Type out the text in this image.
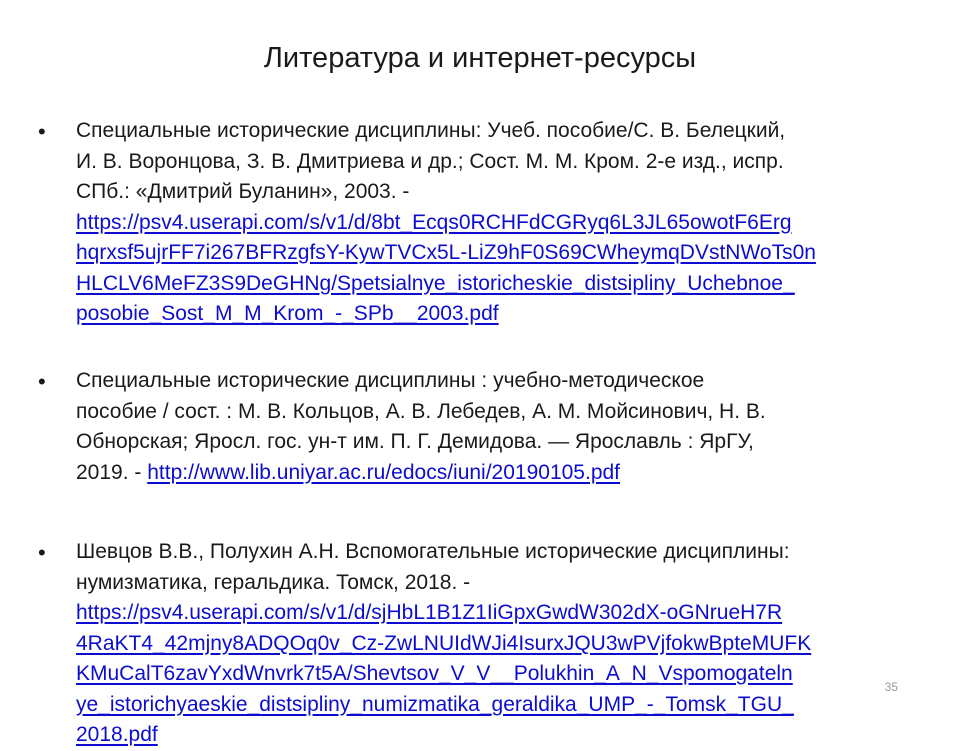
Литература и интернет-ресурсы
• Специальные исторические дисциплины: Учеб. пособие/С. В. Белецкий,
И. В. Воронцова, З. В. Дмитриева и др.; Сост. М. М. Кром. 2-е изд., испр.
СПб.: «Дмитрий Буланин», 2003. -
https://psv4.userapi.com/s/v1/d/8bt_Ecqs0RCHFdCGRyq6L3JL65owotF6Erg
hqrxsf5ujrFF7i267BFRzgfsY-KywTVCx5L-LiZ9hF0S69CWheymqDVstNWoTs0n
HLCLV6MeFZ3S9DeGHNg/Spetsialnye_istoricheskie_distsipliny_Uchebnoe_
posobie_Sost_M_M_Krom_-_SPb__2003.pdf
• Специальные исторические дисциплины : учебно-методическое
пособие / сост. : М. В. Кольцов, А. В. Лебедев, А. М. Мойсинович, Н. В.
Обнорская; Яросл. гос. ун-т им. П. Г. Демидова. — Ярославль : ЯрГУ,
2019. - http://www.lib.uniyar.ac.ru/edocs/iuni/20190105.pdf
• Шевцов В.В., Полухин А.Н. Вспомогательные исторические дисциплины:
нумизматика, геральдика. Томск, 2018. -
https://psv4.userapi.com/s/v1/d/sjHbL1B1Z1IiGpxGwdW302dX-oGNrueH7R
4RaKT4_42mjny8ADQOq0v_Cz-ZwLNUIdWJi4IsurxJQU3wPVjfokwBpteMUFK
KMuCalT6zavYxdWnvrk7t5A/Shevtsov_V_V__Polukhin_A_N_Vspomogateln
ye_istorichyaeskie_distsipliny_numizmatika_geraldika_UMP_-_Tomsk_TGU_
2018.pdf
35
